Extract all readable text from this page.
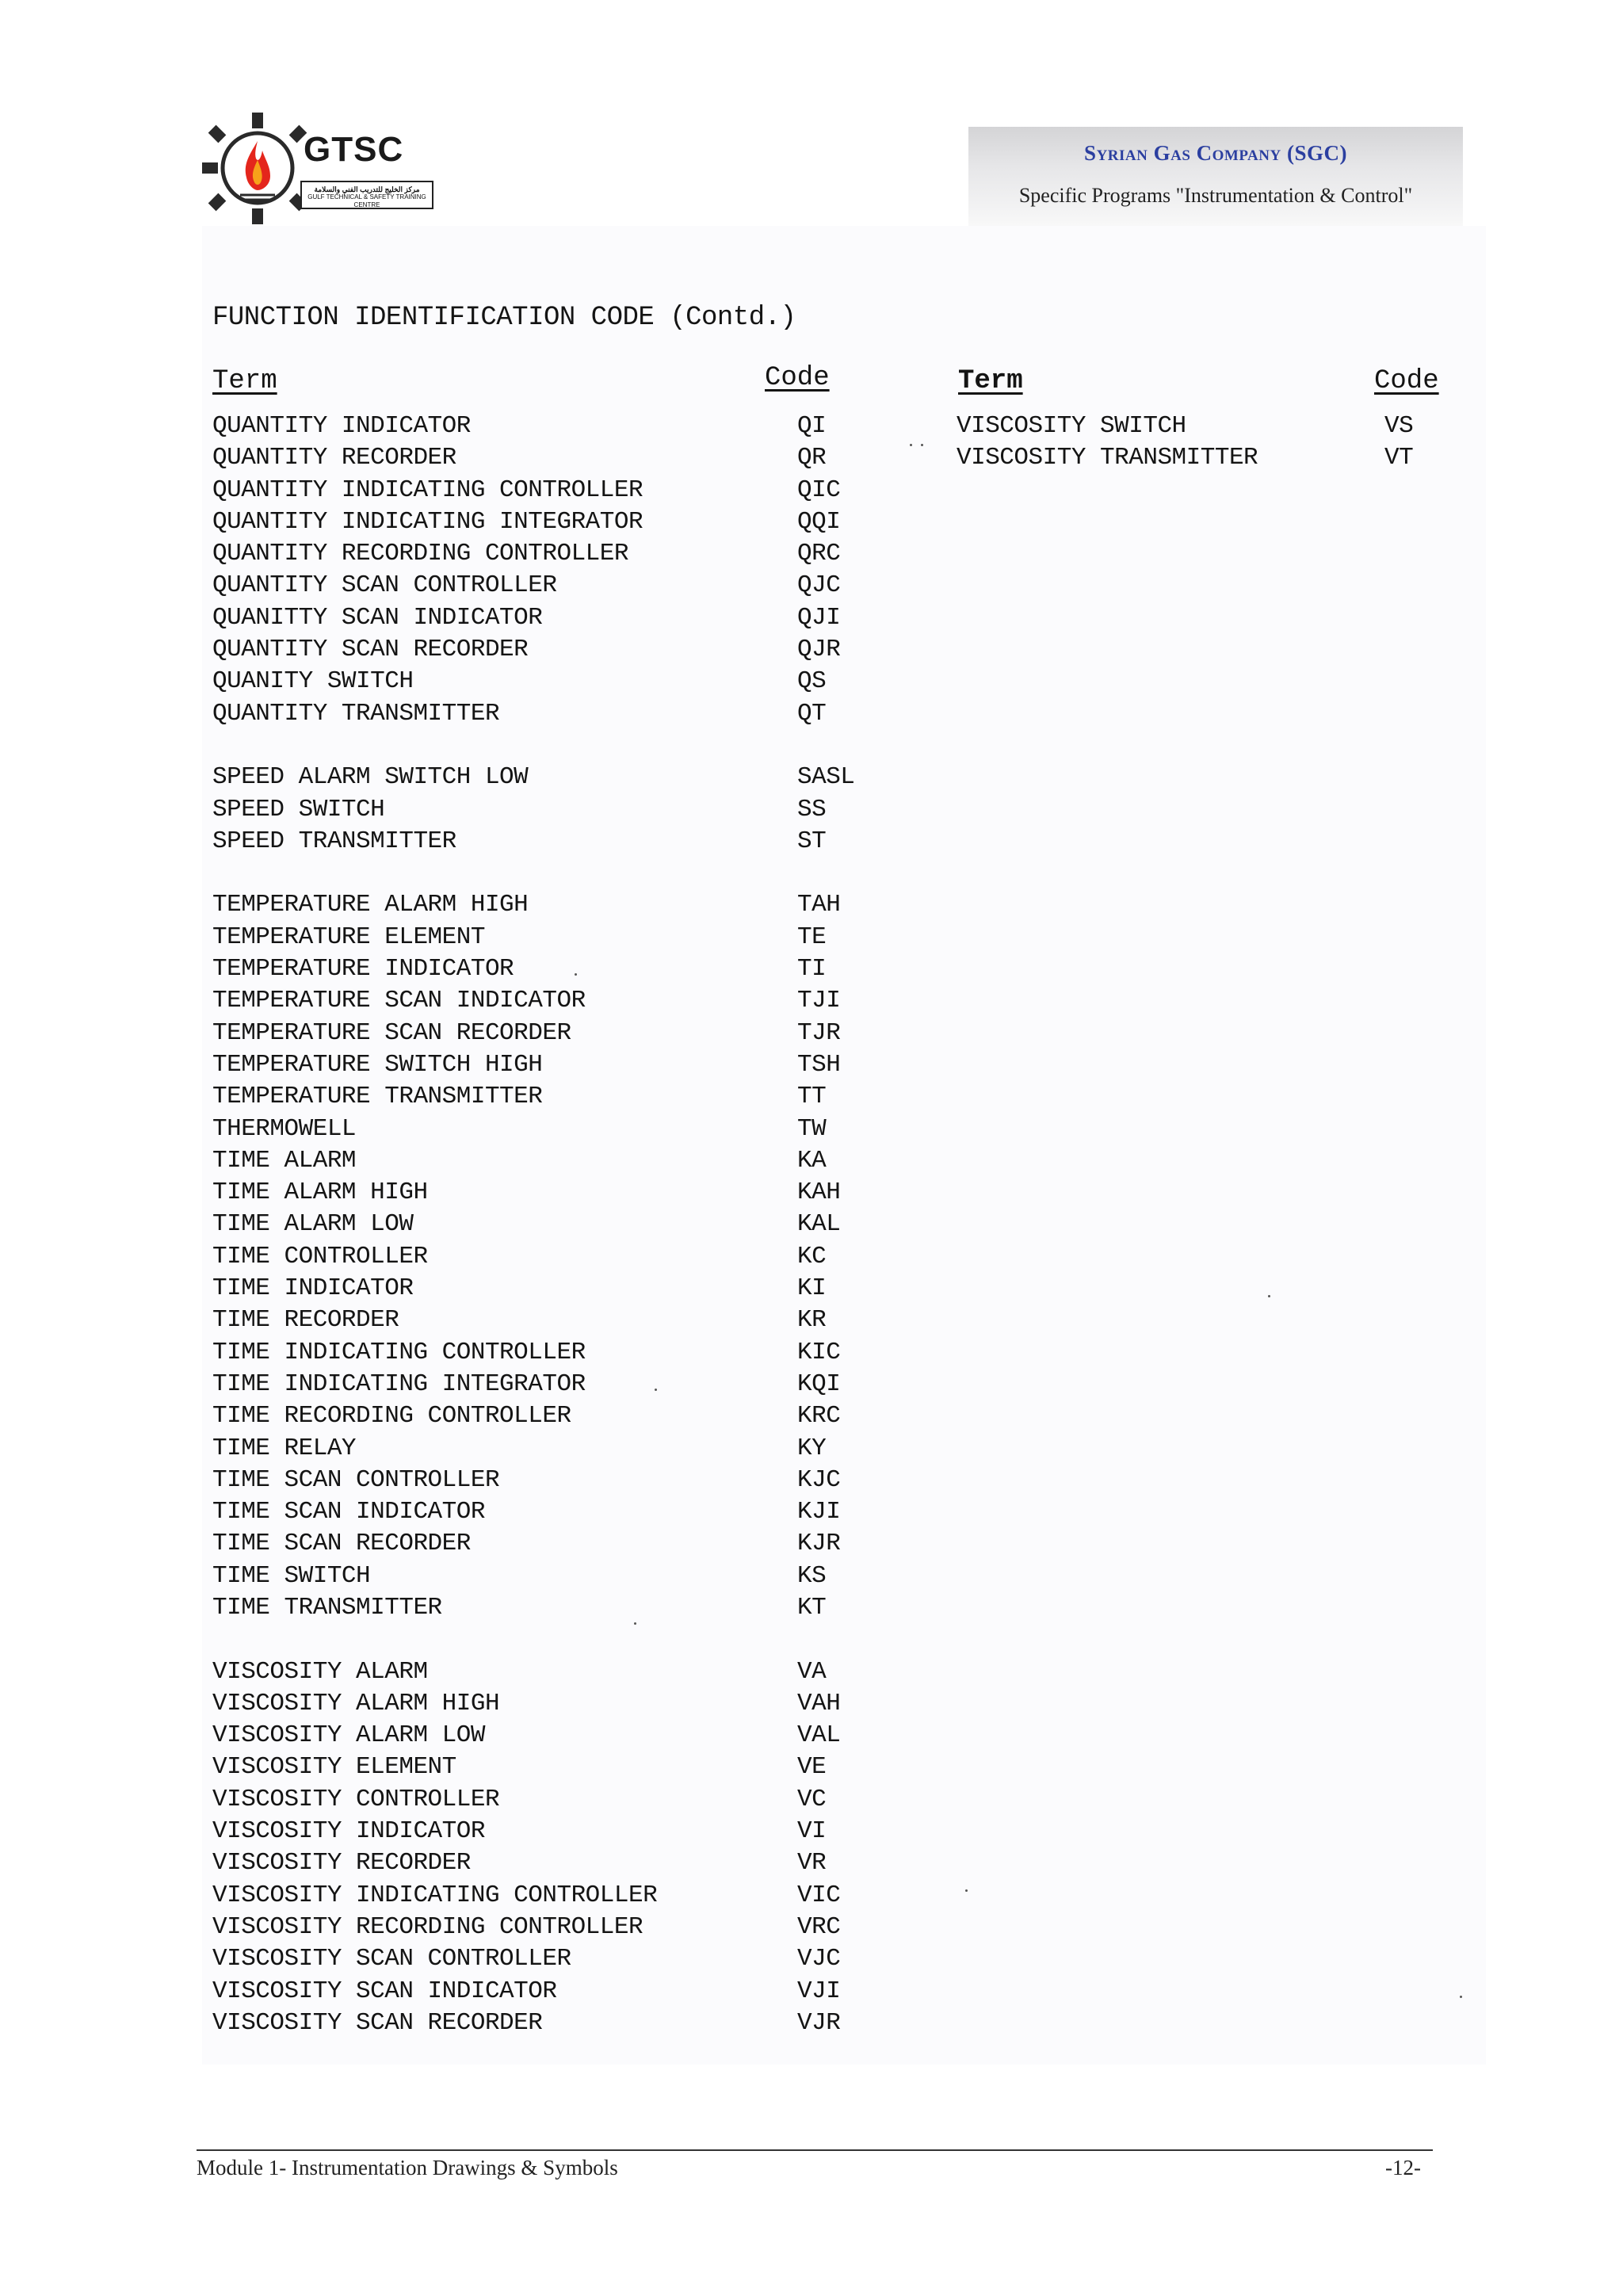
GTSC
مركز الخليج للتدريب الفني والسلامة
GULF TECHNICAL & SAFETY TRAINING CENTRE
Syrian Gas Company (SGC)
Specific Programs "Instrumentation & Control"
FUNCTION IDENTIFICATION CODE (Contd.)
Term	Code	Term	Code
QUANTITY INDICATOR	QI
QUANTITY RECORDER	QR
QUANTITY INDICATING CONTROLLER	QIC
QUANTITY INDICATING INTEGRATOR	QQI
QUANTITY RECORDING CONTROLLER	QRC
QUANTITY SCAN CONTROLLER	QJC
QUANITTY SCAN INDICATOR	QJI
QUANTITY SCAN RECORDER	QJR
QUANITY SWITCH	QS
QUANTITY TRANSMITTER	QT
SPEED ALARM SWITCH LOW	SASL
SPEED SWITCH	SS
SPEED TRANSMITTER	ST
TEMPERATURE ALARM HIGH	TAH
TEMPERATURE ELEMENT	TE
TEMPERATURE INDICATOR	TI
TEMPERATURE SCAN INDICATOR	TJI
TEMPERATURE SCAN RECORDER	TJR
TEMPERATURE SWITCH HIGH	TSH
TEMPERATURE TRANSMITTER	TT
THERMOWELL	TW
TIME ALARM	KA
TIME ALARM HIGH	KAH
TIME ALARM LOW	KAL
TIME CONTROLLER	KC
TIME INDICATOR	KI
TIME RECORDER	KR
TIME INDICATING CONTROLLER	KIC
TIME INDICATING INTEGRATOR	KQI
TIME RECORDING CONTROLLER	KRC
TIME RELAY	KY
TIME SCAN CONTROLLER	KJC
TIME SCAN INDICATOR	KJI
TIME SCAN RECORDER	KJR
TIME SWITCH	KS
TIME TRANSMITTER	KT
VISCOSITY ALARM	VA
VISCOSITY ALARM HIGH	VAH
VISCOSITY ALARM LOW	VAL
VISCOSITY ELEMENT	VE
VISCOSITY CONTROLLER	VC
VISCOSITY INDICATOR	VI
VISCOSITY RECORDER	VR
VISCOSITY INDICATING CONTROLLER	VIC
VISCOSITY RECORDING CONTROLLER	VRC
VISCOSITY SCAN CONTROLLER	VJC
VISCOSITY SCAN INDICATOR	VJI
VISCOSITY SCAN RECORDER	VJR
VISCOSITY SWITCH	VS
VISCOSITY TRANSMITTER	VT
Module 1- Instrumentation Drawings & Symbols	-12-
